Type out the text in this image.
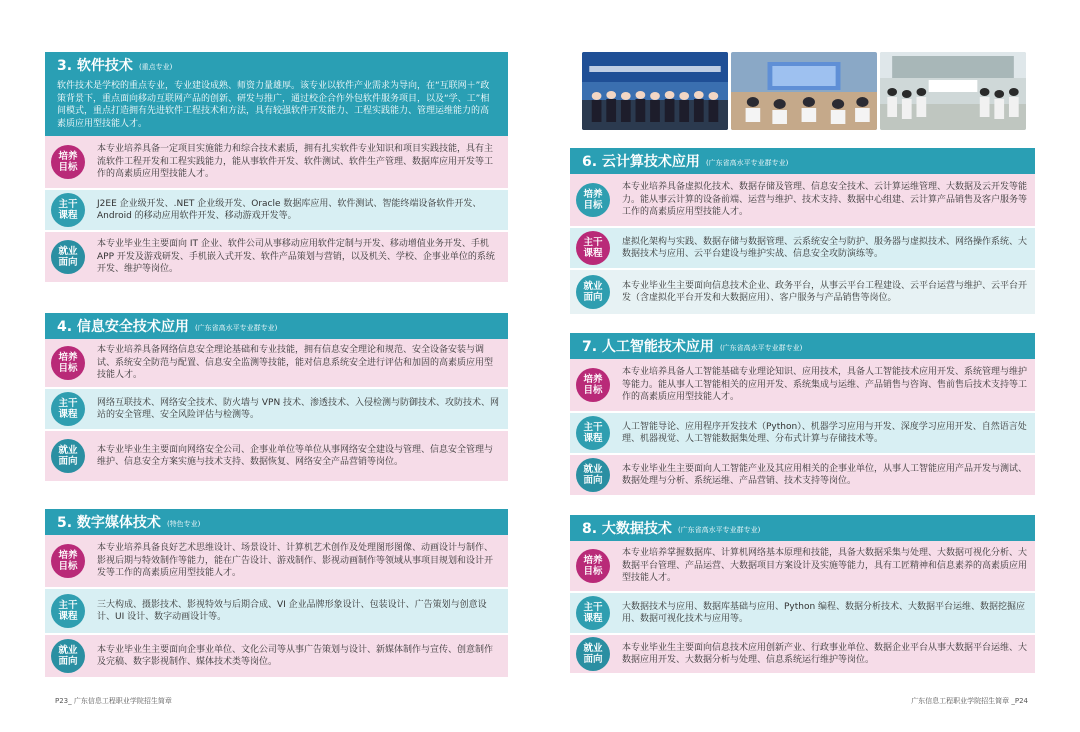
3. 软件技术 (重点专业)
软件技术是学校的重点专业，专业建设成熟、师资力量雄厚。该专业以软件产业需求为导向，在“互联网＋”政策背景下，重点面向移动互联网产品的创新、研发与推广，通过校企合作外包软件服务项目，以及“学、工”相间模式，重点打造拥有先进软件工程技术和方法，具有较强软件开发能力、工程实践能力、管理运维能力的高素质应用型技能人才。
培养目标
本专业培养具备一定项目实施能力和综合技术素质，拥有扎实软件专业知识和项目实践技能，具有主流软件工程开发和工程实践能力，能从事软件开发、软件测试、软件生产管理、数据库应用开发等工作的高素质应用型技能人才。
主干课程
J2EE 企业级开发、.NET 企业级开发、Oracle 数据库应用、软件测试、智能终端设备软件开发、Android 的移动应用软件开发、移动游戏开发等。
就业面向
本专业毕业生主要面向 IT 企业、软件公司从事移动应用软件定制与开发、移动增值业务开发、手机 APP 开发及游戏研发、手机嵌入式开发、软件产品策划与营销，以及机关、学校、企事业单位的系统开发、维护等岗位。
4. 信息安全技术应用 (广东省高水平专业群专业)
培养目标
本专业培养具备网络信息安全理论基础和专业技能，拥有信息安全理论和规范、安全设备安装与调试、系统安全防范与配置、信息安全监测等技能，能对信息系统安全进行评估和加固的高素质应用型技能人才。
主干课程
网络互联技术、网络安全技术、防火墙与 VPN 技术、渗透技术、入侵检测与防御技术、攻防技术、网站的安全管理、安全风险评估与检测等。
就业面向
本专业毕业生主要面向网络安全公司、企事业单位等单位从事网络安全建设与管理、信息安全管理与维护、信息安全方案实施与技术支持、数据恢复、网络安全产品营销等岗位。
5. 数字媒体技术 (特色专业)
培养目标
本专业培养具备良好艺术思维设计、场景设计、计算机艺术创作及处理图形图像、动画设计与制作、影视后期与特效制作等能力，能在广告设计、游戏制作、影视动画制作等领域从事项目规划和设计开发等工作的高素质应用型技能人才。
主干课程
三大构成、摄影技术、影视特效与后期合成、VI 企业品牌形象设计、包装设计、广告策划与创意设计、UI 设计、数字动画设计等。
就业面向
本专业毕业生主要面向企事业单位、文化公司等从事广告策划与设计、新媒体制作与宣传、创意制作及完稿、数字影视制作、媒体技术类等岗位。
P23_ 广东信息工程职业学院招生简章
6. 云计算技术应用 (广东省高水平专业群专业)
培养目标
本专业培养具备虚拟化技术、数据存储及管理、信息安全技术、云计算运维管理、大数据及云开发等能力。能从事云计算的设备前端、运营与维护、技术支持、数据中心组建、云计算产品销售及客户服务等工作的高素质应用型技能人才。
主干课程
虚拟化架构与实践、数据存储与数据管理、云系统安全与防护、服务器与虚拟技术、网络操作系统、大数据技术与应用、云平台建设与维护实战、信息安全攻防演练等。
就业面向
本专业毕业生主要面向信息技术企业、政务平台，从事云平台工程建设、云平台运营与维护、云平台开发（含虚拟化平台开发和大数据应用）、客户服务与产品销售等岗位。
7. 人工智能技术应用 (广东省高水平专业群专业)
培养目标
本专业培养具备人工智能基础专业理论知识、应用技术，具备人工智能技术应用开发、系统管理与维护等能力。能从事人工智能相关的应用开发、系统集成与运维、产品销售与咨询、售前售后技术支持等工作的高素质应用型技能人才。
主干课程
人工智能导论、应用程序开发技术（Python）、机器学习应用与开发、深度学习应用开发、自然语言处理、机器视觉、人工智能数据集处理、分布式计算与存储技术等。
就业面向
本专业毕业生主要面向人工智能产业及其应用相关的企事业单位，从事人工智能应用产品开发与测试、数据处理与分析、系统运维、产品营销、技术支持等岗位。
8. 大数据技术 (广东省高水平专业群专业)
培养目标
本专业培养掌握数据库、计算机网络基本原理和技能，具备大数据采集与处理、大数据可视化分析、大数据平台管理、产品运营、大数据项目方案设计及实施等能力，具有工匠精神和信息素养的高素质应用型技能人才。
主干课程
大数据技术与应用、数据库基础与应用、Python 编程、数据分析技术、大数据平台运维、数据挖掘应用、数据可视化技术与应用等。
就业面向
本专业毕业生主要面向信息技术应用创新产业、行政事业单位、数据企业平台从事大数据平台运维、大数据应用开发、大数据分析与处理、信息系统运行维护等岗位。
广东信息工程职业学院招生简章 _P24
